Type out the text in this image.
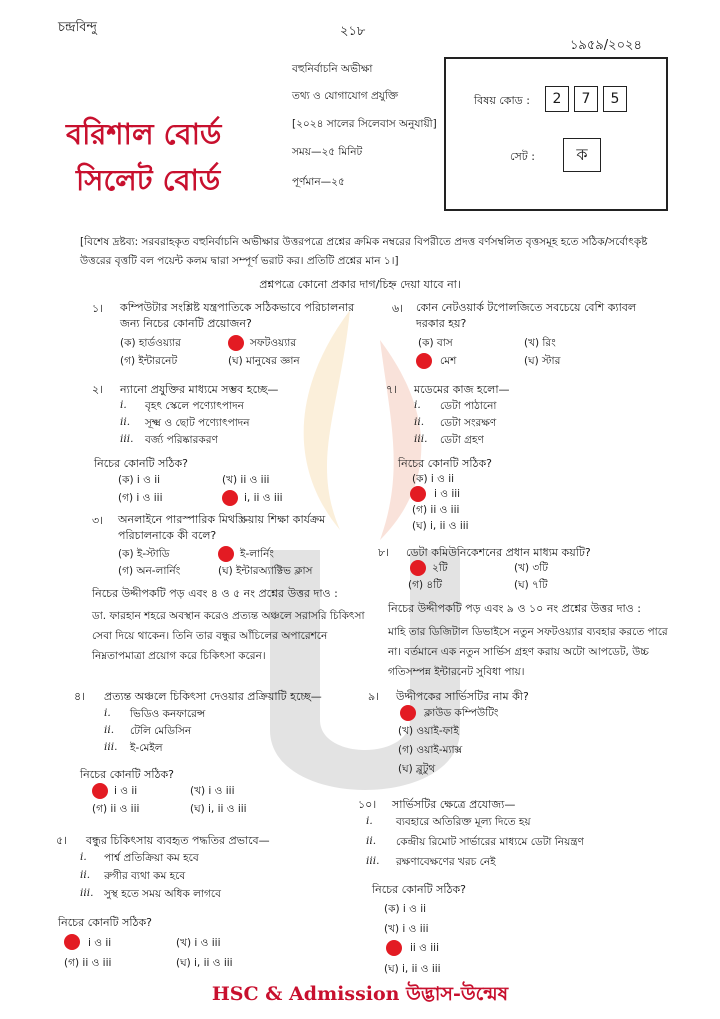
চন্দ্রবিন্দু	২১৮
১৯৫৯/২০২৪
বরিশাল বোর্ড
সিলেট বোর্ড
বহুনির্বাচনি অভীক্ষা
তথ্য ও যোগাযোগ প্রযুক্তি
[২০২৪ সালের সিলেবাস অনুযায়ী]
সময়—২৫ মিনিট
পূর্ণমান—২৫
বিষয় কোড :	2	7	5
সেট :	ক
[বিশেষ দ্রষ্টব্য: সরবরাহকৃত বহুনির্বাচনি অভীক্ষার উত্তরপত্রে প্রশ্নের ক্রমিক নম্বরের বিপরীতে প্রদত্ত বর্ণসম্বলিত বৃত্তসমূহ হতে সঠিক/সর্বোৎকৃষ্ট উত্তরের বৃত্তটি বল পয়েন্ট কলম দ্বারা সম্পূর্ণ ভরাট কর। প্রতিটি প্রশ্নের মান ১।]
প্রশ্নপত্রে কোনো প্রকার দাগ/চিহ্ন দেয়া যাবে না।
১। কম্পিউটার সংশ্লিষ্ট যন্ত্রপাতিকে সঠিকভাবে পরিচালনার জন্য নিচের কোনটি প্রয়োজন?
(ক) হার্ডওয়্যার	সফটওয়্যার
(গ) ইন্টারনেট	(ঘ) মানুষের জ্ঞান
২। ন্যানো প্রযুক্তির মাধ্যমে সম্ভব হচ্ছে—
i. বৃহৎ স্কেলে পণ্যোৎপাদন
ii. সূক্ষ্ম ও ছোট পণ্যোৎপাদন
iii. বর্জ্য পরিষ্কারকরণ
নিচের কোনটি সঠিক?
(ক) i ও ii	(খ) ii ও iii
(গ) i ও iii	i, ii ও iii
৩। অনলাইনে পারস্পারিক মিথস্ক্রিয়ায় শিক্ষা কার্যক্রম পরিচালনাকে কী বলে?
(ক) ই-স্টাডি	ই-লার্নিং
(গ) অন-লার্নিং	(ঘ) ইন্টারঅ্যাক্টিভ ক্লাস
নিচের উদ্দীপকটি পড় এবং ৪ ও ৫ নং প্রশ্নের উত্তর দাও :
ডা. ফারহান শহরে অবস্থান করেও প্রত্যন্ত অঞ্চলে সরাসরি চিকিৎসা সেবা দিয়ে থাকেন। তিনি তার বন্ধুর আঁচিলের অপারেশনে নিম্নতাপমাত্রা প্রয়োগ করে চিকিৎসা করেন।
৪। প্রত্যন্ত অঞ্চলে চিকিৎসা দেওয়ার প্রক্রিয়াটি হচ্ছে—
i. ভিডিও কনফারেন্স
ii. টেলি মেডিসিন
iii. ই-মেইল
নিচের কোনটি সঠিক?
i ও ii	(খ) i ও iii
(গ) ii ও iii	(ঘ) i, ii ও iii
৫। বন্ধুর চিকিৎসায় ব্যবহৃত পদ্ধতির প্রভাবে—
i. পার্শ্ব প্রতিক্রিয়া কম হবে
ii. রুগীর ব্যথা কম হবে
iii. সুস্থ হতে সময় অধিক লাগবে
নিচের কোনটি সঠিক?
i ও ii	(খ) i ও iii
(গ) ii ও iii	(ঘ) i, ii ও iii
৬। কোন নেটওয়ার্ক টপোলজিতে সবচেয়ে বেশি ক্যাবল দরকার হয়?
(ক) বাস	(খ) রিং
মেশ	(ঘ) স্টার
৭। মডেমের কাজ হলো—
i. ডেটা পাঠানো
ii. ডেটা সংরক্ষণ
iii. ডেটা গ্রহণ
নিচের কোনটি সঠিক?
(ক) i ও ii
i ও iii
(গ) ii ও iii
(ঘ) i, ii ও iii
৮। ডেটা কমিউনিকেশনের প্রধান মাধ্যম কয়টি?
২টি	(খ) ৩টি
(গ) ৪টি	(ঘ) ৭টি
নিচের উদ্দীপকটি পড় এবং ৯ ও ১০ নং প্রশ্নের উত্তর দাও :
মাহি তার ডিজিটাল ডিভাইসে নতুন সফটওয়্যার ব্যবহার করতে পারে না। বর্তমানে এক নতুন সার্ভিস গ্রহণ করায় অটো আপডেট, উচ্চ গতিসম্পন্ন ইন্টারনেট সুবিধা পায়।
৯। উদ্দীপকের সার্ভিসটির নাম কী?
ক্লাউড কম্পিউটিং
(খ) ওয়াই-ফাই
(গ) ওয়াই-ম্যাক্স
(ঘ) ব্লুটুথ
১০। সার্ভিসটির ক্ষেত্রে প্রযোজ্য—
i. ব্যবহারে অতিরিক্ত মূল্য দিতে হয়
ii. কেন্দ্রীয় রিমোট সার্ভারের মাধ্যমে ডেটা নিয়ন্ত্রণ
iii. রক্ষণাবেক্ষণের খরচ নেই
নিচের কোনটি সঠিক?
(ক) i ও ii
(খ) i ও iii
ii ও iii
(ঘ) i, ii ও iii
HSC & Admission উদ্ভাস-উন্মেষ
